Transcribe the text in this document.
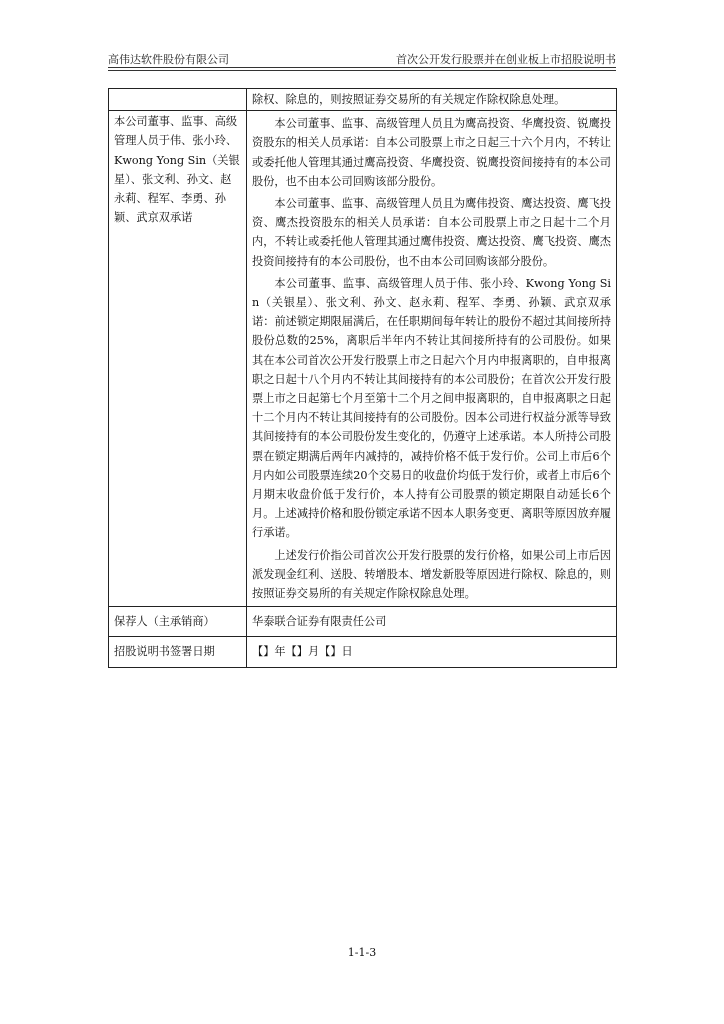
高伟达软件股份有限公司	首次公开发行股票并在创业板上市招股说明书

	除权、除息的，则按照证券交易所的有关规定作除权除息处理。

本公司董事、监事、高级管理人员于伟、张小玲、Kwong Yong Sin（关银星）、张文利、孙文、赵永莉、程军、李勇、孙颖、武京双承诺	本公司董事、监事、高级管理人员且为鹰高投资、华鹰投资、锐鹰投资股东的相关人员承诺：自本公司股票上市之日起三十六个月内，不转让或委托他人管理其通过鹰高投资、华鹰投资、锐鹰投资间接持有的本公司股份，也不由本公司回购该部分股份。

本公司董事、监事、高级管理人员且为鹰伟投资、鹰达投资、鹰飞投资、鹰杰投资股东的相关人员承诺：自本公司股票上市之日起十二个月内，不转让或委托他人管理其通过鹰伟投资、鹰达投资、鹰飞投资、鹰杰投资间接持有的本公司股份，也不由本公司回购该部分股份。

本公司董事、监事、高级管理人员于伟、张小玲、Kwong Yong Sin（关银星）、张文利、孙文、赵永莉、程军、李勇、孙颖、武京双承诺：前述锁定期限届满后，在任职期间每年转让的股份不超过其间接所持股份总数的25%，离职后半年内不转让其间接所持有的公司股份。如果其在本公司首次公开发行股票上市之日起六个月内申报离职的，自申报离职之日起十八个月内不转让其间接持有的本公司股份；在首次公开发行股票上市之日起第七个月至第十二个月之间申报离职的，自申报离职之日起十二个月内不转让其间接持有的公司股份。因本公司进行权益分派等导致其间接持有的本公司股份发生变化的，仍遵守上述承诺。本人所持公司股票在锁定期满后两年内减持的，减持价格不低于发行价。公司上市后6个月内如公司股票连续20个交易日的收盘价均低于发行价，或者上市后6个月期末收盘价低于发行价，本人持有公司股票的锁定期限自动延长6个月。上述减持价格和股份锁定承诺不因本人职务变更、离职等原因放弃履行承诺。

上述发行价指公司首次公开发行股票的发行价格，如果公司上市后因派发现金红利、送股、转增股本、增发新股等原因进行除权、除息的，则按照证券交易所的有关规定作除权除息处理。

保荐人（主承销商）	华泰联合证券有限责任公司
招股说明书签署日期	【】年【】月【】日
1-1-3
